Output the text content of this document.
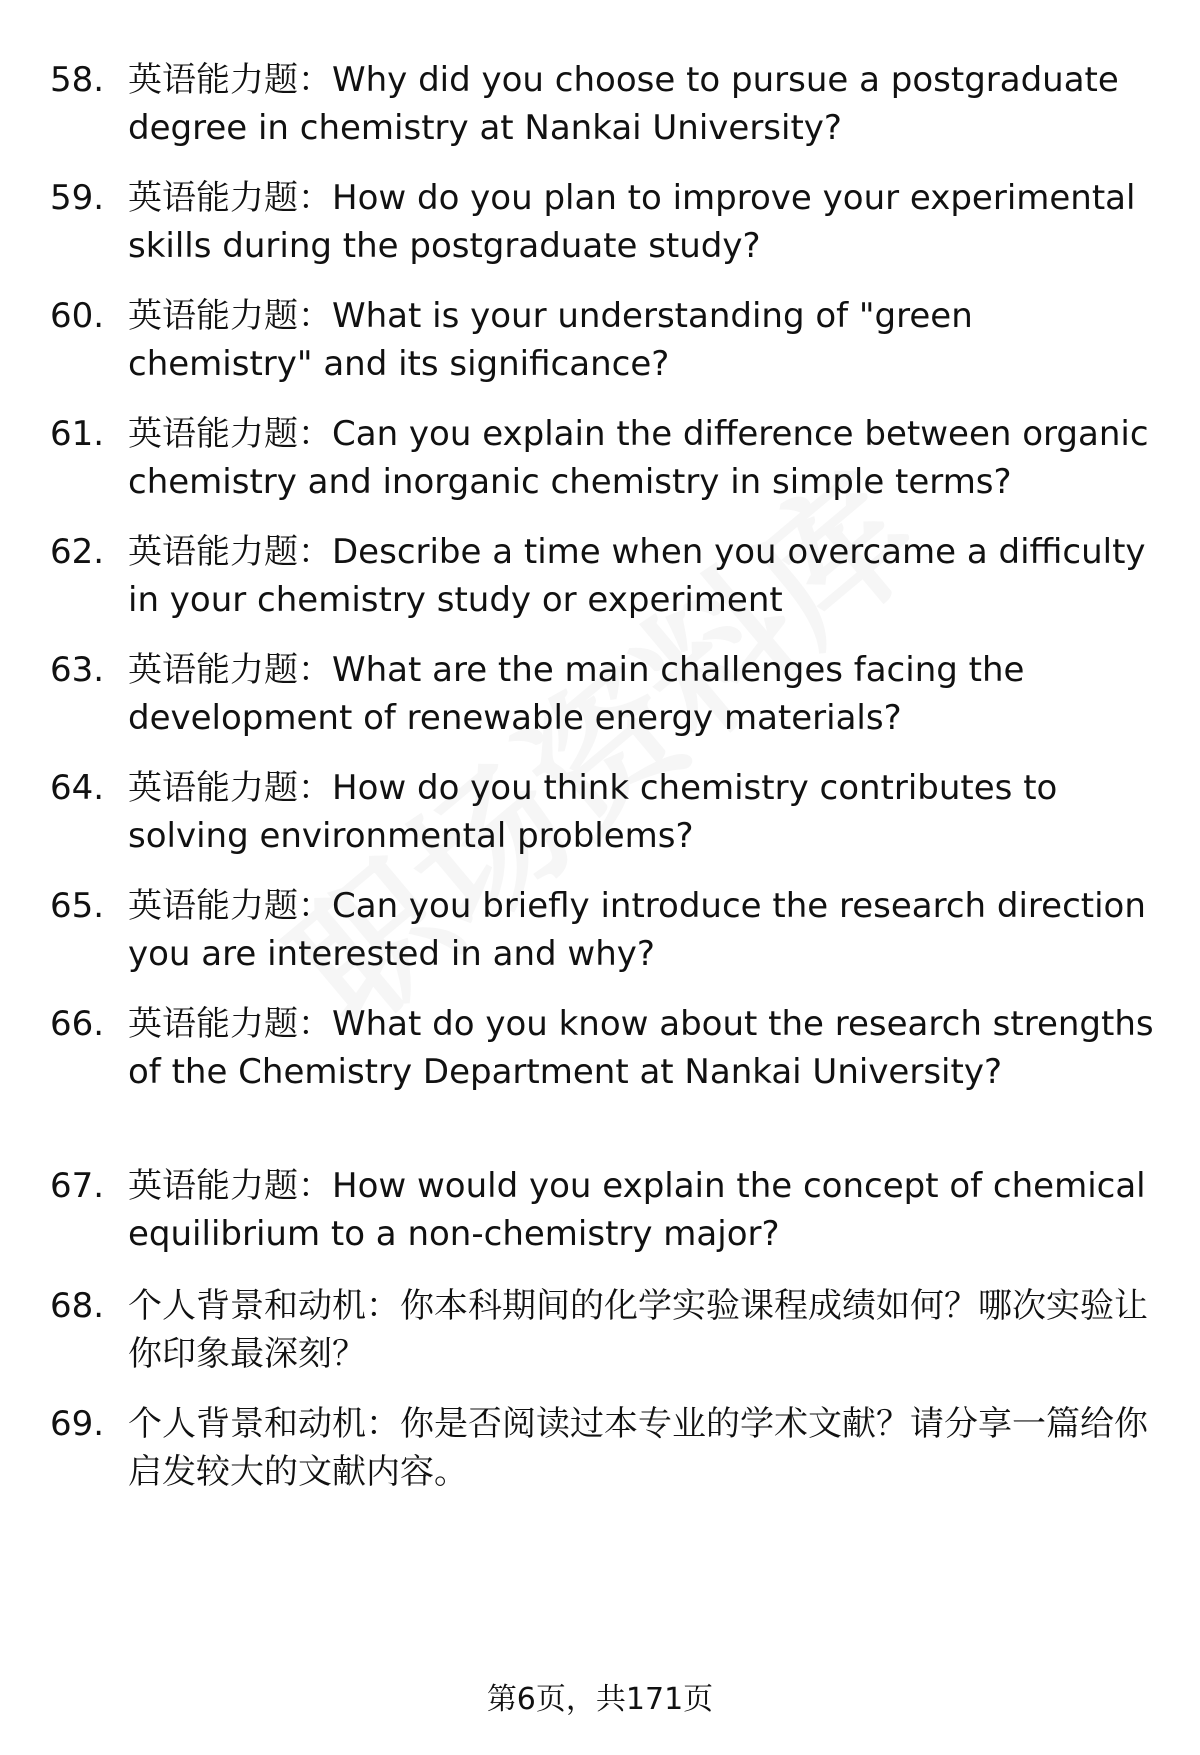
58. 英语能力题：Why did you choose to pursue a postgraduate degree in chemistry at Nankai University?
59. 英语能力题：How do you plan to improve your experimental skills during the postgraduate study?
60. 英语能力题：What is your understanding of "green chemistry" and its significance?
61. 英语能力题：Can you explain the difference between organic chemistry and inorganic chemistry in simple terms?
62. 英语能力题：Describe a time when you overcame a difficulty in your chemistry study or experiment
63. 英语能力题：What are the main challenges facing the development of renewable energy materials?
64. 英语能力题：How do you think chemistry contributes to solving environmental problems?
65. 英语能力题：Can you briefly introduce the research direction you are interested in and why?
66. 英语能力题：What do you know about the research strengths of the Chemistry Department at Nankai University?
67. 英语能力题：How would you explain the concept of chemical equilibrium to a non-chemistry major?
68. 个人背景和动机：你本科期间的化学实验课程成绩如何？哪次实验让你印象最深刻？
69. 个人背景和动机：你是否阅读过本专业的学术文献？请分享一篇给你启发较大的文献内容。
第6页，共171页
